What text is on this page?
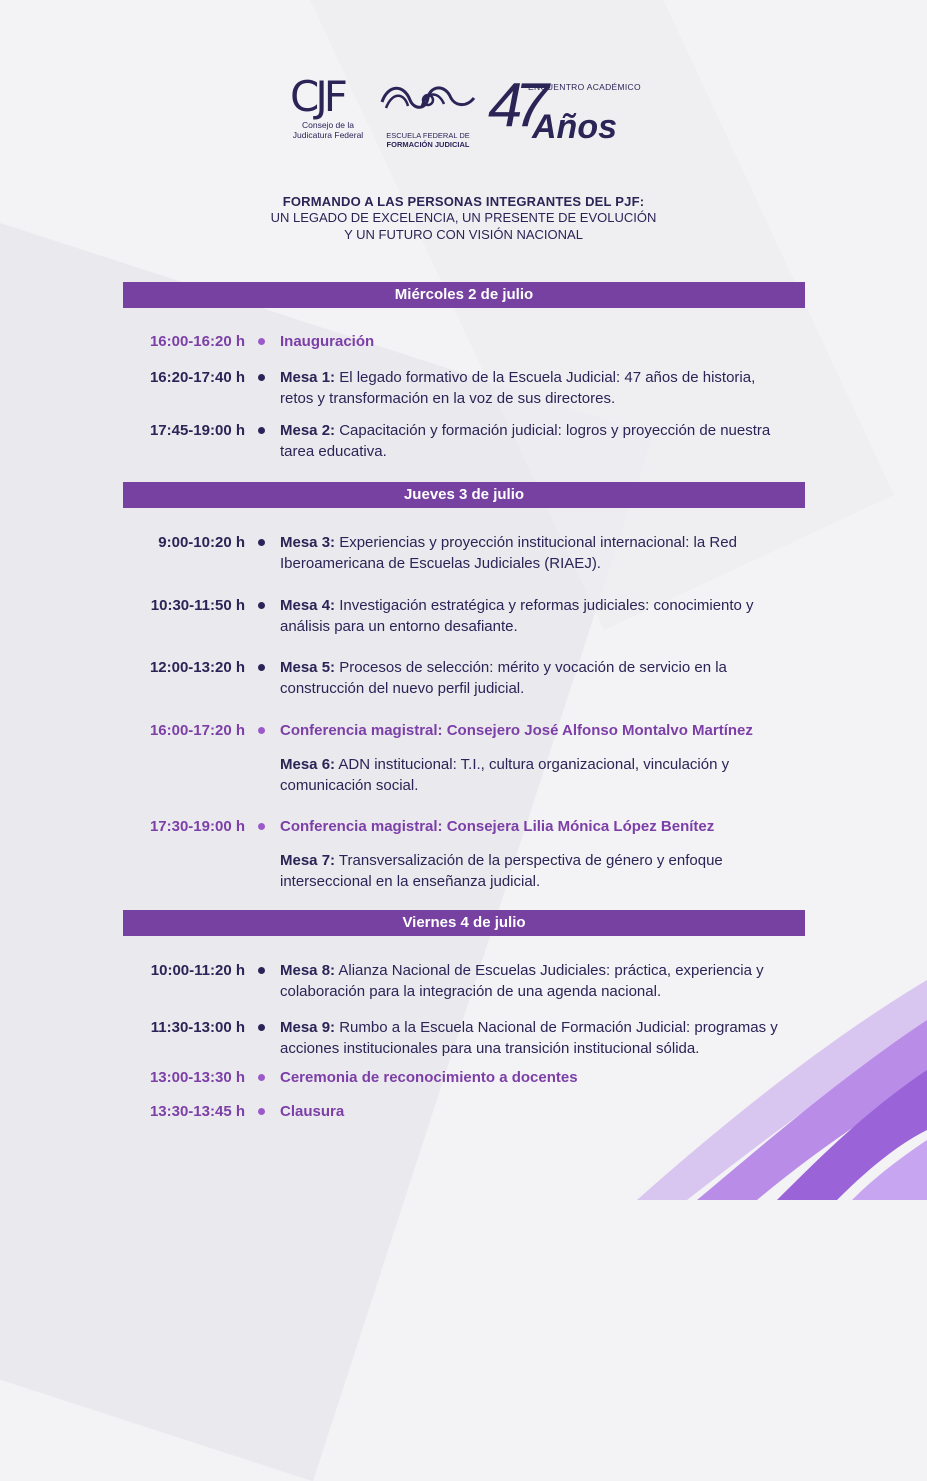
CJF
Consejo de la Judicatura Federal	ESCUELA FEDERAL DE
FORMACIÓN JUDICIAL
47
ENCUENTRO ACADÉMICO
Años
FORMANDO A LAS PERSONAS INTEGRANTES DEL PJF:
UN LEGADO DE EXCELENCIA, UN PRESENTE DE EVOLUCIÓN
Y UN FUTURO CON VISIÓN NACIONAL
Miércoles 2 de julio
16:00-16:20 h Inauguración
16:20-17:40 h Mesa 1: El legado formativo de la Escuela Judicial: 47 años de historia, retos y transformación en la voz de sus directores.
17:45-19:00 h Mesa 2: Capacitación y formación judicial: logros y proyección de nuestra tarea educativa.
Jueves 3 de julio
9:00-10:20 h Mesa 3: Experiencias y proyección institucional internacional: la Red Iberoamericana de Escuelas Judiciales (RIAEJ).
10:30-11:50 h Mesa 4: Investigación estratégica y reformas judiciales: conocimiento y análisis para un entorno desafiante.
12:00-13:20 h Mesa 5: Procesos de selección: mérito y vocación de servicio en la construcción del nuevo perfil judicial.
16:00-17:20 h Conferencia magistral: Consejero José Alfonso Montalvo Martínez
Mesa 6: ADN institucional: T.I., cultura organizacional, vinculación y comunicación social.
17:30-19:00 h Conferencia magistral: Consejera Lilia Mónica López Benítez
Mesa 7: Transversalización de la perspectiva de género y enfoque interseccional en la enseñanza judicial.
Viernes 4 de julio
10:00-11:20 h Mesa 8: Alianza Nacional de Escuelas Judiciales: práctica, experiencia y colaboración para la integración de una agenda nacional.
11:30-13:00 h Mesa 9: Rumbo a la Escuela Nacional de Formación Judicial: programas y acciones institucionales para una transición institucional sólida.
13:00-13:30 h Ceremonia de reconocimiento a docentes
13:30-13:45 h Clausura
